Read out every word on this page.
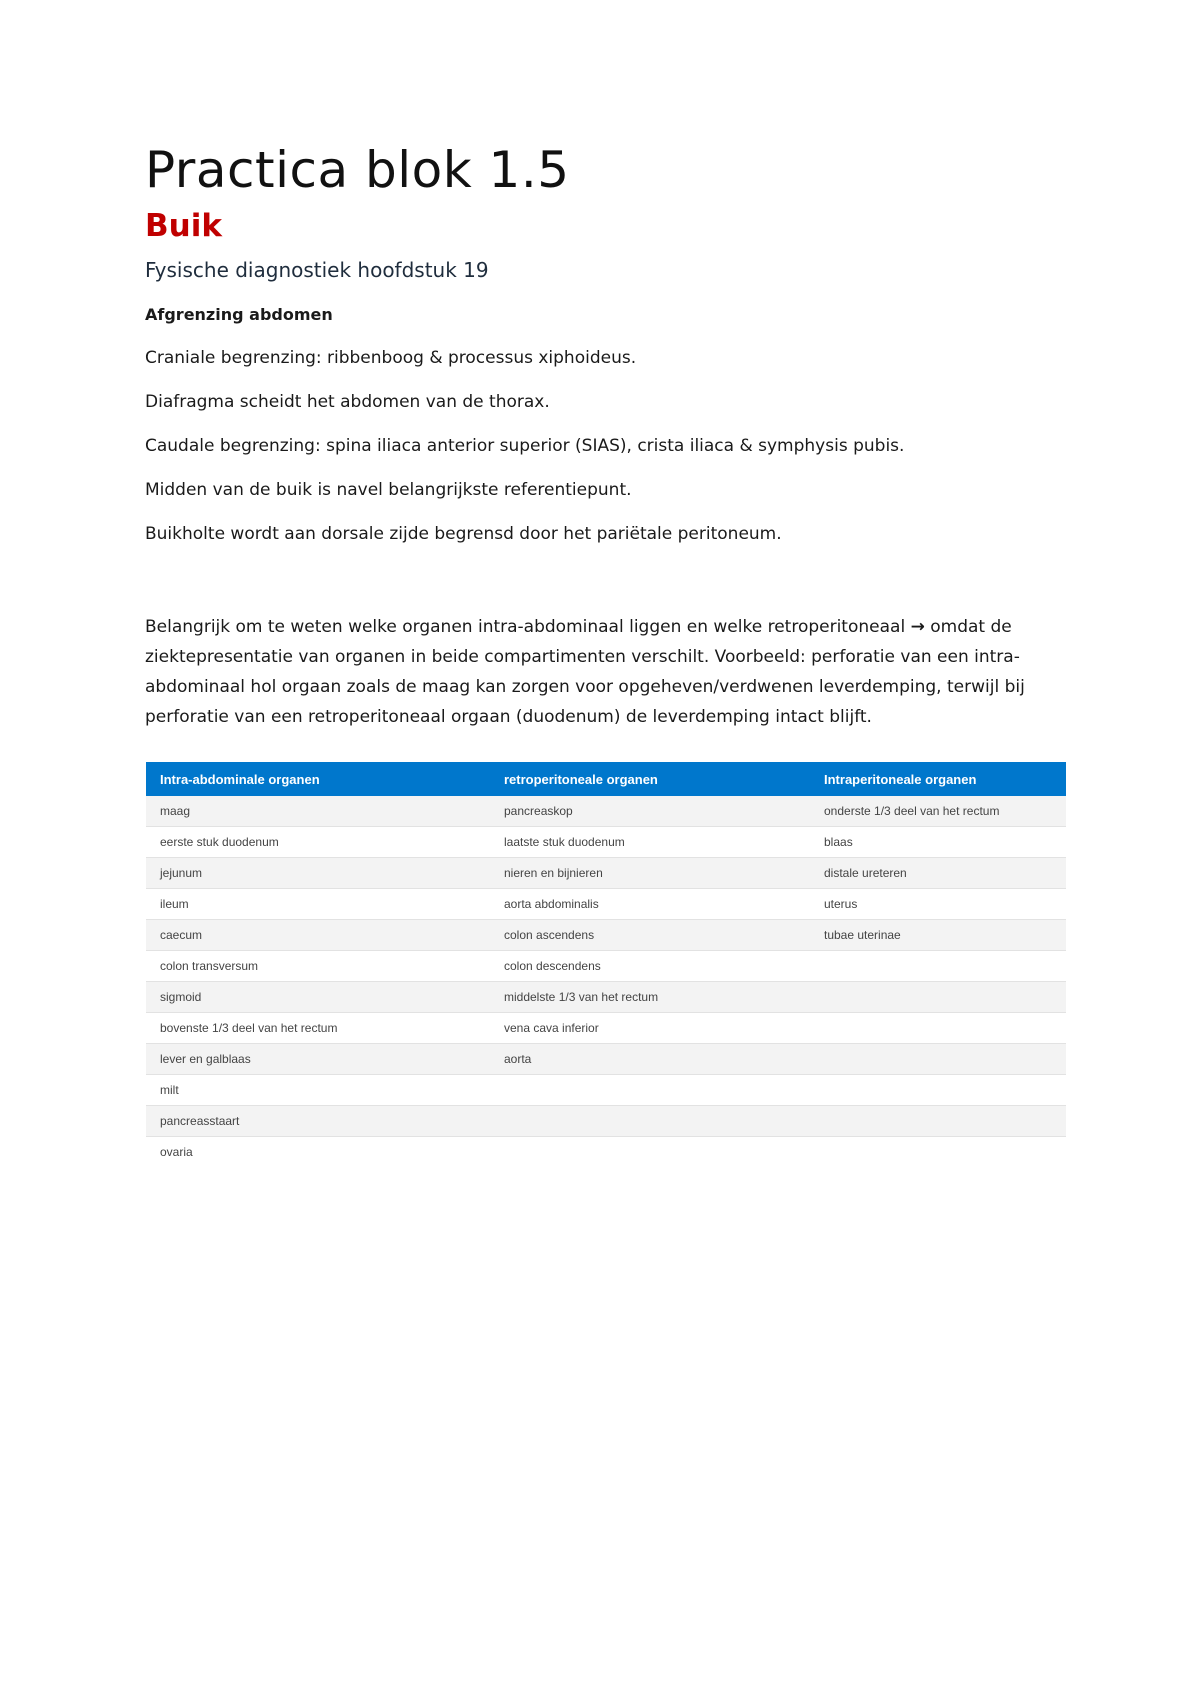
Practica blok 1.5
Buik
Fysische diagnostiek hoofdstuk 19
Afgrenzing abdomen

Craniale begrenzing: ribbenboog & processus xiphoideus.

Diafragma scheidt het abdomen van de thorax.

Caudale begrenzing: spina iliaca anterior superior (SIAS), crista iliaca & symphysis pubis.

Midden van de buik is navel belangrijkste referentiepunt.

Buikholte wordt aan dorsale zijde begrensd door het pariëtale peritoneum.

Belangrijk om te weten welke organen intra-abdominaal liggen en welke retroperitoneaal → omdat de ziektepresentatie van organen in beide compartimenten verschilt. Voorbeeld: perforatie van een intra-abdominaal hol orgaan zoals de maag kan zorgen voor opgeheven/verdwenen leverdemping, terwijl bij perforatie van een retroperitoneaal orgaan (duodenum) de leverdemping intact blijft.

Intra-abdominale organen	retroperitoneale organen	Intraperitoneale organen
maag	pancreaskop	onderste 1/3 deel van het rectum
eerste stuk duodenum	laatste stuk duodenum	blaas
jejunum	nieren en bijnieren	distale ureteren
ileum	aorta abdominalis	uterus
caecum	colon ascendens	tubae uterinae
colon transversum	colon descendens	
sigmoid	middelste 1/3 van het rectum	
bovenste 1/3 deel van het rectum	vena cava inferior	
lever en galblaas	aorta	
milt		
pancreasstaart		
ovaria		
